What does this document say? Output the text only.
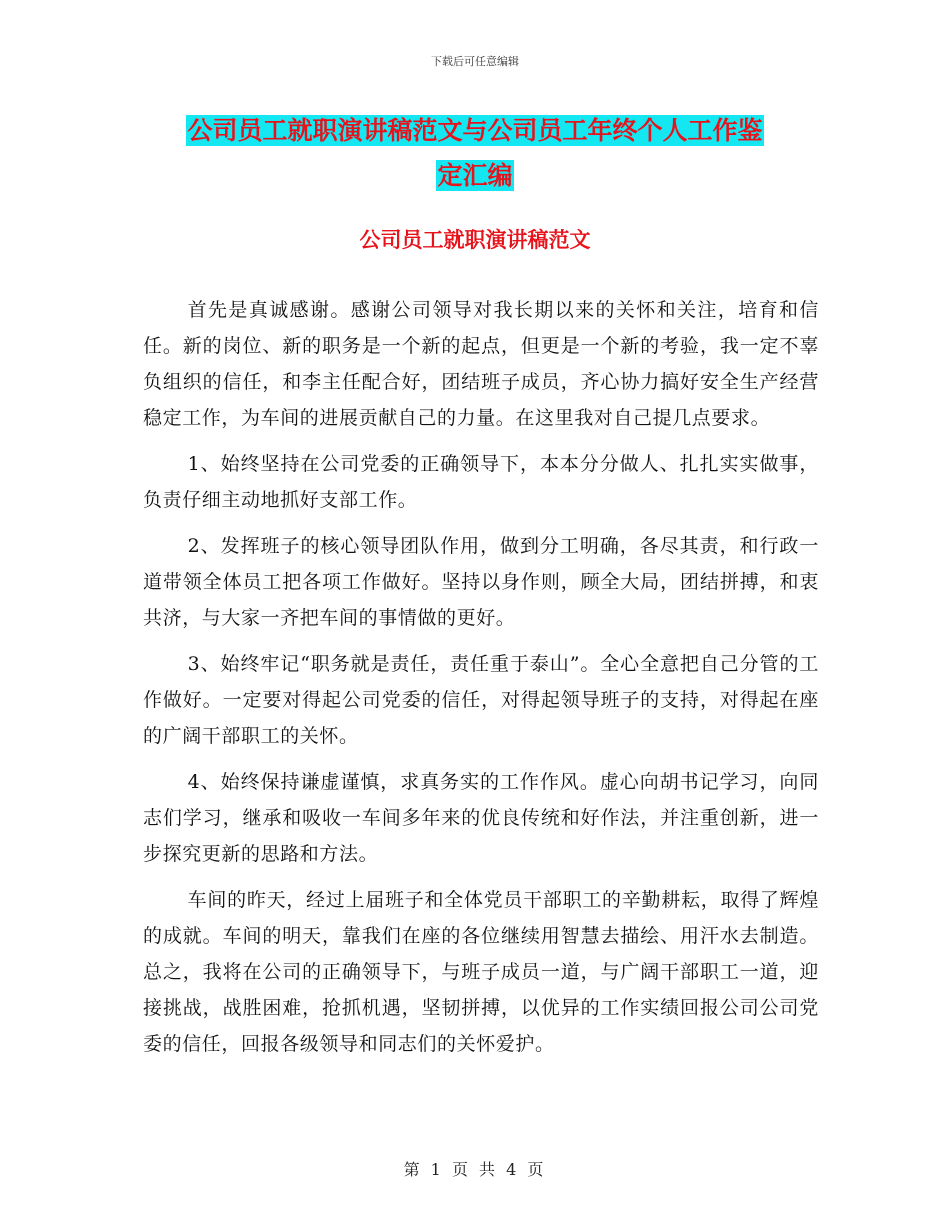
下载后可任意编辑
公司员工就职演讲稿范文与公司员工年终个人工作鉴
定汇编
公司员工就职演讲稿范文

首先是真诚感谢。感谢公司领导对我长期以来的关怀和关注，培育和信任。新的岗位、新的职务是一个新的起点，但更是一个新的考验，我一定不辜负组织的信任，和李主任配合好，团结班子成员，齐心协力搞好安全生产经营稳定工作，为车间的进展贡献自己的力量。在这里我对自己提几点要求。

1、始终坚持在公司党委的正确领导下，本本分分做人、扎扎实实做事，负责仔细主动地抓好支部工作。

2、发挥班子的核心领导团队作用，做到分工明确，各尽其责，和行政一道带领全体员工把各项工作做好。坚持以身作则，顾全大局，团结拼搏，和衷共济，与大家一齐把车间的事情做的更好。

3、始终牢记“职务就是责任，责任重于泰山”。全心全意把自己分管的工作做好。一定要对得起公司党委的信任，对得起领导班子的支持，对得起在座的广阔干部职工的关怀。

4、始终保持谦虚谨慎，求真务实的工作作风。虚心向胡书记学习，向同志们学习，继承和吸收一车间多年来的优良传统和好作法，并注重创新，进一步探究更新的思路和方法。

车间的昨天，经过上届班子和全体党员干部职工的辛勤耕耘，取得了辉煌的成就。车间的明天，靠我们在座的各位继续用智慧去描绘、用汗水去制造。总之，我将在公司的正确领导下，与班子成员一道，与广阔干部职工一道，迎接挑战，战胜困难，抢抓机遇，坚韧拼搏，以优异的工作实绩回报公司公司党委的信任，回报各级领导和同志们的关怀爱护。

第 1 页 共 4 页
